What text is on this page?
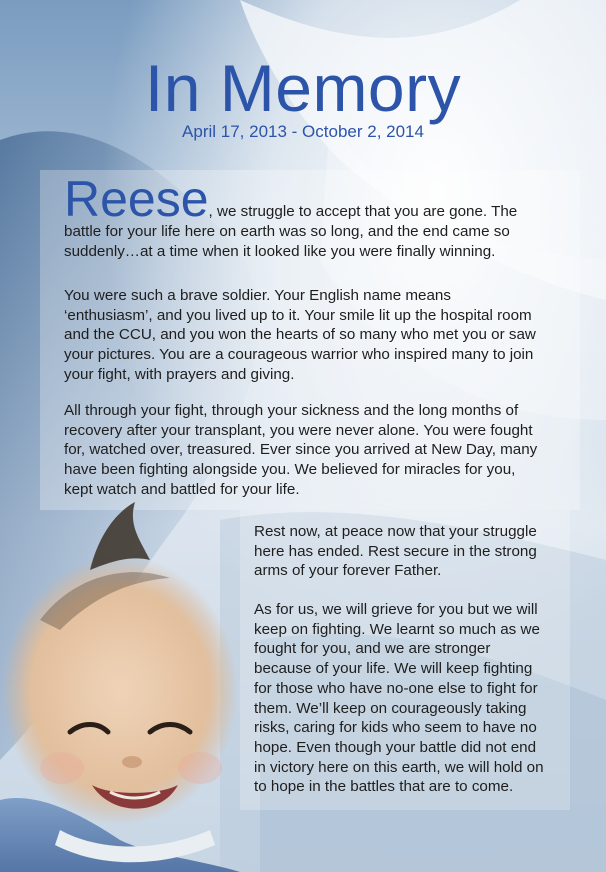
In Memory
April 17, 2013 - October 2, 2014

Reese, we struggle to accept that you are gone. The battle for your life here on earth was so long, and the end came so suddenly…at a time when it looked like you were finally winning.

You were such a brave soldier. Your English name means ‘enthusiasm’, and you lived up to it. Your smile lit up the hospital room and the CCU, and you won the hearts of so many who met you or saw your pictures. You are a courageous warrior who inspired many to join your fight, with prayers and giving.

All through your fight, through your sickness and the long months of recovery after your transplant, you were never alone. You were fought for, watched over, treasured. Ever since you arrived at New Day, many have been fighting alongside you. We believed for miracles for you, kept watch and battled for your life.

Rest now, at peace now that your struggle here has ended. Rest secure in the strong arms of your forever Father.

As for us, we will grieve for you but we will keep on fighting. We learnt so much as we fought for you, and we are stronger because of your life. We will keep fighting for those who have no-one else to fight for them. We’ll keep on courageously taking risks, caring for kids who seem to have no hope. Even though your battle did not end in victory here on this earth, we will hold on to hope in the battles that are to come.
